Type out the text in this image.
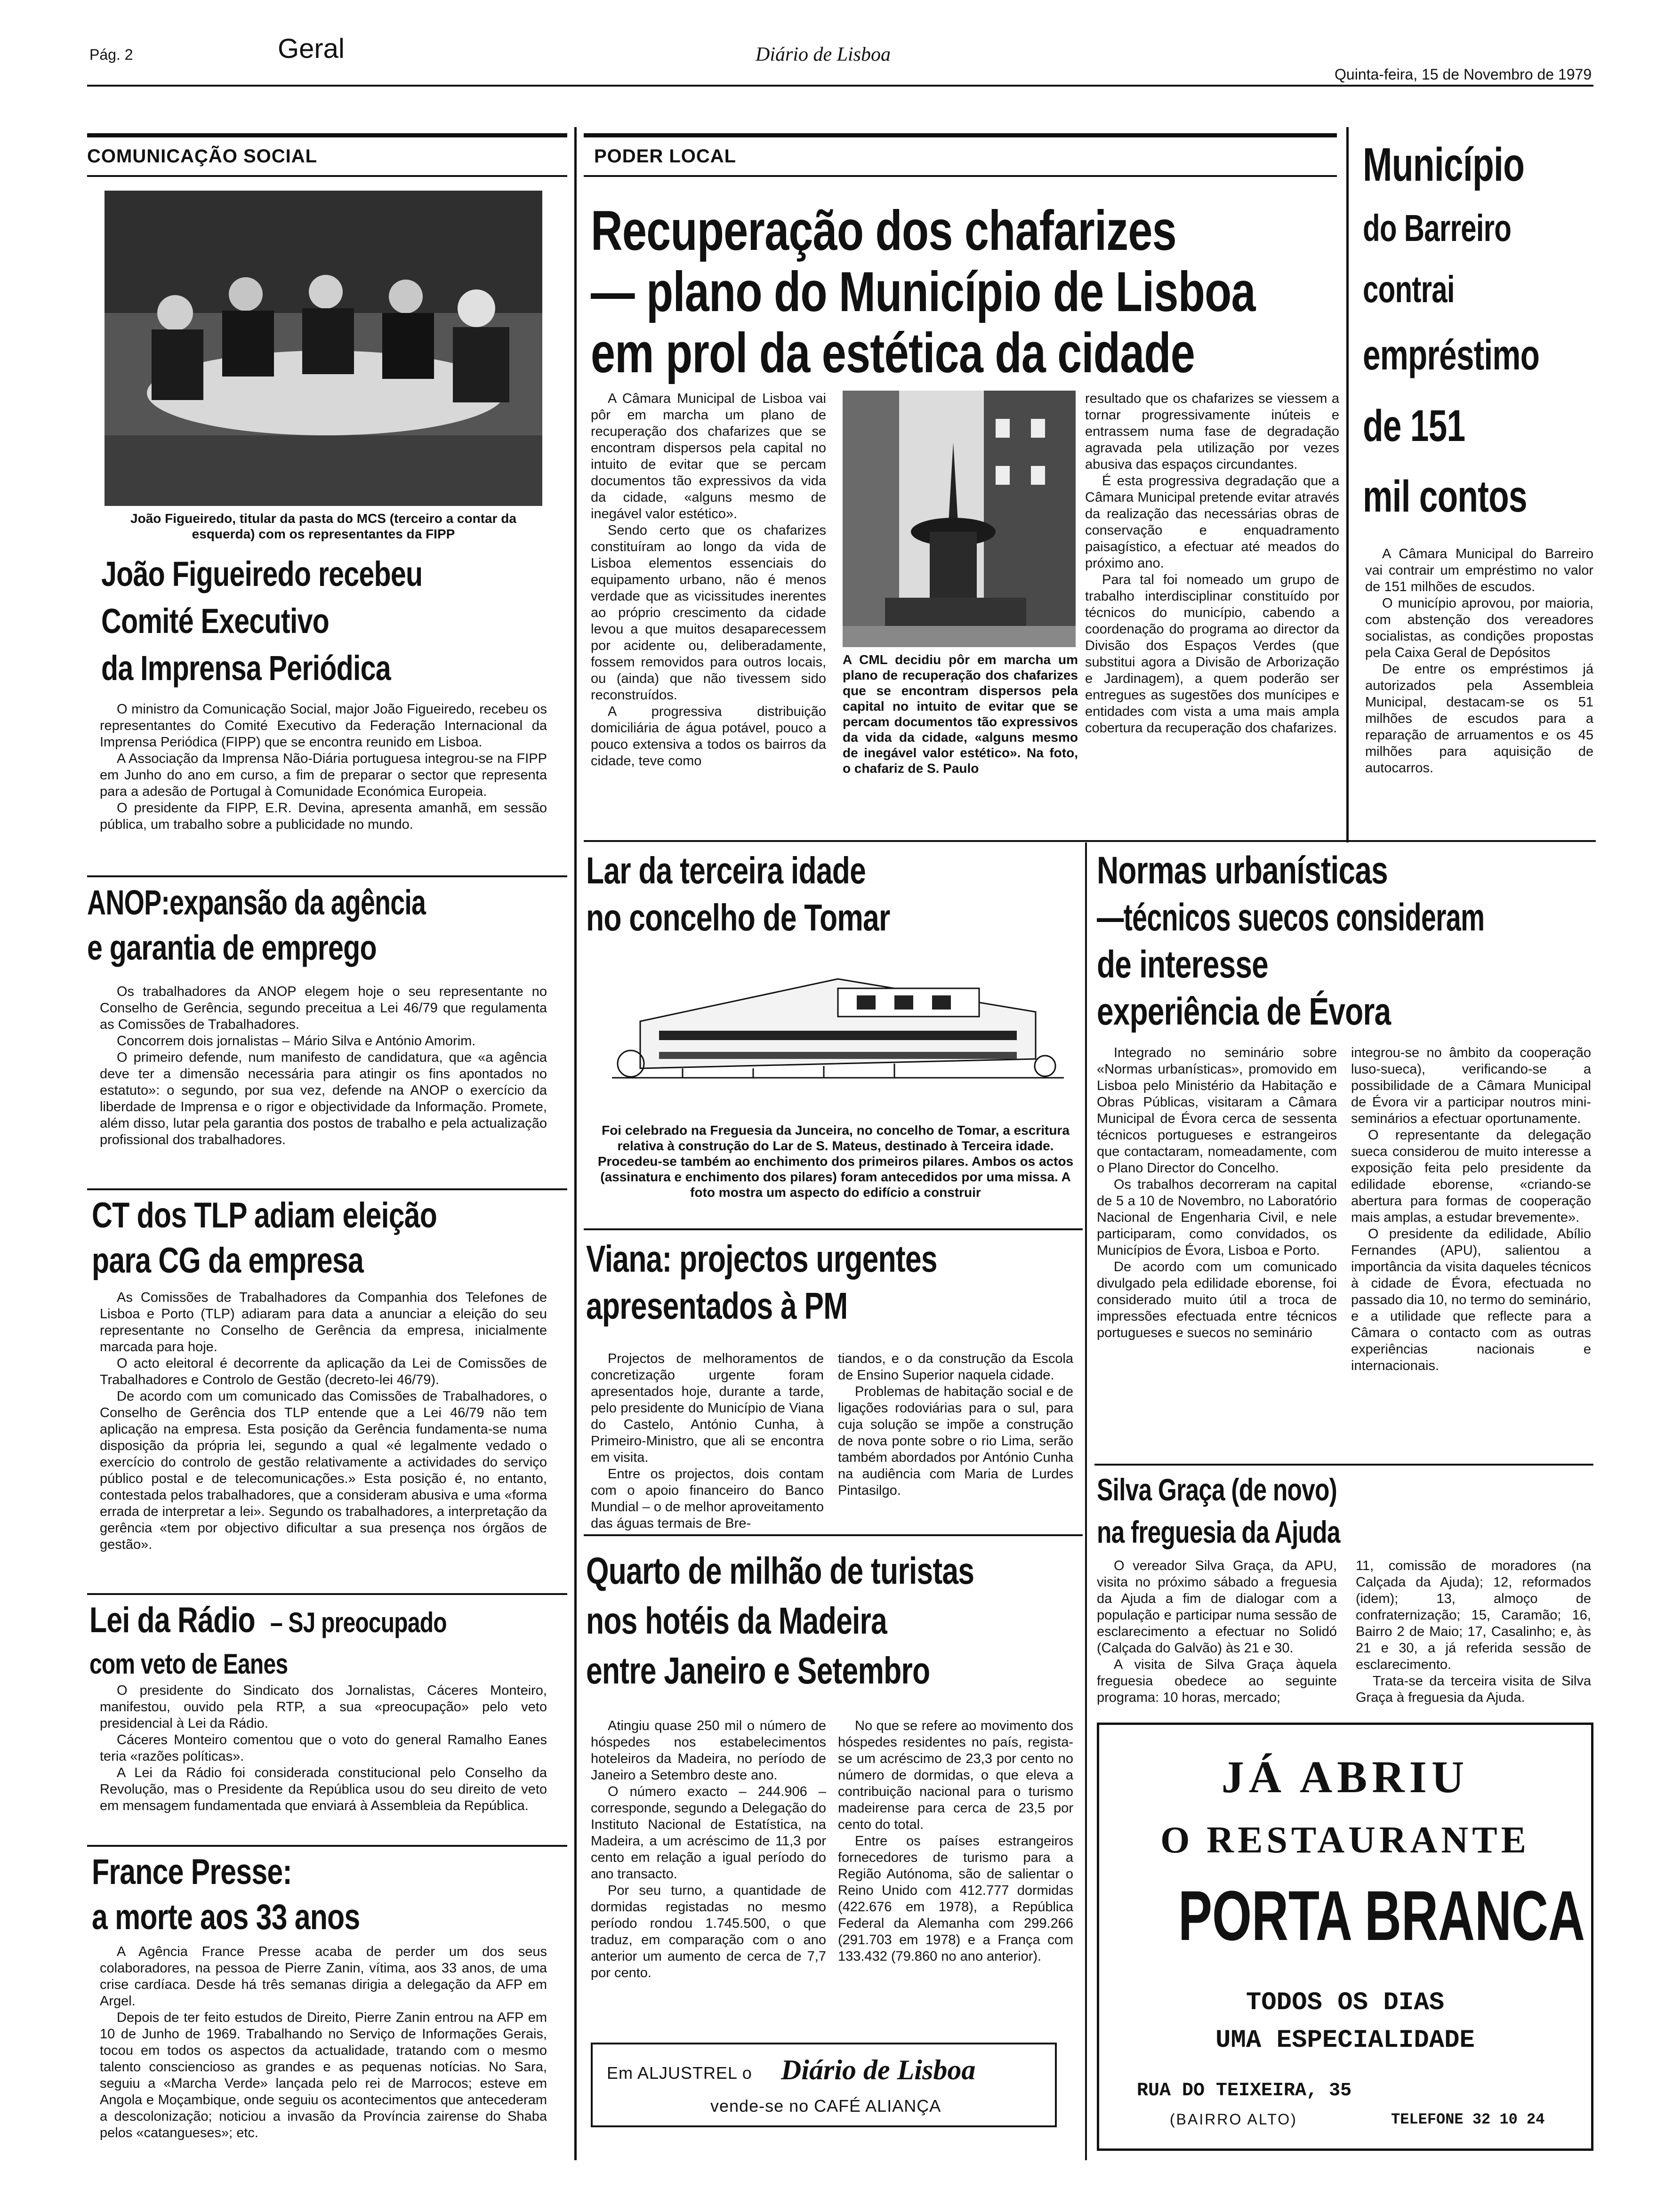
Pág. 2	Geral	Diário de Lisboa
Quinta-feira, 15 de Novembro de 1979
COMUNICAÇÃO SOCIAL
João Figueiredo, titular da pasta do MCS (terceiro a contar da esquerda) com os representantes da FIPP
João Figueiredo recebeu
Comité Executivo
da Imprensa Periódica

O ministro da Comunicação Social, major João Figueiredo, recebeu os representantes do Comité Executivo da Federação Internacional da Imprensa Periódica (FIPP) que se encontra reunido em Lisboa.

A Associação da Imprensa Não-Diária portuguesa integrou-se na FIPP em Junho do ano em curso, a fim de preparar o sector que representa para a adesão de Portugal à Comunidade Económica Europeia.

O presidente da FIPP, E.R. Devina, apresenta amanhã, em sessão pública, um trabalho sobre a publicidade no mundo.

ANOP:expansão da agência
e garantia de emprego

Os trabalhadores da ANOP elegem hoje o seu representante no Conselho de Gerência, segundo preceitua a Lei 46/79 que regulamenta as Comissões de Trabalhadores.

Concorrem dois jornalistas – Mário Silva e António Amorim.

O primeiro defende, num manifesto de candidatura, que «a agência deve ter a dimensão necessária para atingir os fins apontados no estatuto»: o segundo, por sua vez, defende na ANOP o exercício da liberdade de Imprensa e o rigor e objectividade da Informação. Promete, além disso, lutar pela garantia dos postos de trabalho e pela actualização profissional dos trabalhadores.

CT dos TLP adiam eleição
para CG da empresa

As Comissões de Trabalhadores da Companhia dos Telefones de Lisboa e Porto (TLP) adiaram para data a anunciar a eleição do seu representante no Conselho de Gerência da empresa, inicialmente marcada para hoje.

O acto eleitoral é decorrente da aplicação da Lei de Comissões de Trabalhadores e Controlo de Gestão (decreto-lei 46/79).

De acordo com um comunicado das Comissões de Trabalhadores, o Conselho de Gerência dos TLP entende que a Lei 46/79 não tem aplicação na empresa. Esta posição da Gerência fundamenta-se numa disposição da própria lei, segundo a qual «é legalmente vedado o exercício do controlo de gestão relativamente a actividades do serviço público postal e de telecomunicações.» Esta posição é, no entanto, contestada pelos trabalhadores, que a consideram abusiva e uma «forma errada de interpretar a lei». Segundo os trabalhadores, a interpretação da gerência «tem por objectivo dificultar a sua presença nos órgãos de gestão».

Lei da Rádio – SJ preocupado
com veto de Eanes

O presidente do Sindicato dos Jornalistas, Cáceres Monteiro, manifestou, ouvido pela RTP, a sua «preocupação» pelo veto presidencial à Lei da Rádio.

Cáceres Monteiro comentou que o voto do general Ramalho Eanes teria «razões políticas».

A Lei da Rádio foi considerada constitucional pelo Conselho da Revolução, mas o Presidente da República usou do seu direito de veto em mensagem fundamentada que enviará à Assembleia da República.

France Presse:
a morte aos 33 anos

A Agência France Presse acaba de perder um dos seus colaboradores, na pessoa de Pierre Zanin, vítima, aos 33 anos, de uma crise cardíaca. Desde há três semanas dirigia a delegação da AFP em Argel.

Depois de ter feito estudos de Direito, Pierre Zanin entrou na AFP em 10 de Junho de 1969. Trabalhando no Serviço de Informações Gerais, tocou em todos os aspectos da actualidade, tratando com o mesmo talento consciencioso as grandes e as pequenas notícias. No Sara, seguiu a «Marcha Verde» lançada pelo rei de Marrocos; esteve em Angola e Moçambique, onde seguiu os acontecimentos que antecederam a descolonização; noticiou a invasão da Província zairense do Shaba pelos «catangueses»; etc.

PODER LOCAL
Recuperação dos chafarizes
— plano do Município de Lisboa
em prol da estética da cidade

A Câmara Municipal de Lisboa vai pôr em marcha um plano de recuperação dos chafarizes que se encontram dispersos pela capital no intuito de evitar que se percam documentos tão expressivos da vida da cidade, «alguns mesmo de inegável valor estético».

Sendo certo que os chafarizes constituíram ao longo da vida de Lisboa elementos essenciais do equipamento urbano, não é menos verdade que as vicissitudes inerentes ao próprio crescimento da cidade levou a que muitos desaparecessem por acidente ou, deliberadamente, fossem removidos para outros locais, ou (ainda) que não tivessem sido reconstruídos.

A progressiva distribuição domiciliária de água potável, pouco a pouco extensiva a todos os bairros da cidade, teve como

A CML decidiu pôr em marcha um plano de recuperação dos chafarizes que se encontram dispersos pela capital no intuito de evitar que se percam documentos tão expressivos da vida da cidade, «alguns mesmo de inegável valor estético». Na foto, o chafariz de S. Paulo

resultado que os chafarizes se viessem a tornar progressivamente inúteis e entrassem numa fase de degradação agravada pela utilização por vezes abusiva das espaços circundantes.

É esta progressiva degradação que a Câmara Municipal pretende evitar através da realização das necessárias obras de conservação e enquadramento paisagístico, a efectuar até meados do próximo ano.

Para tal foi nomeado um grupo de trabalho interdisciplinar constituído por técnicos do município, cabendo a coordenação do programa ao director da Divisão dos Espaços Verdes (que substitui agora a Divisão de Arborização e Jardinagem), a quem poderão ser entregues as sugestões dos munícipes e entidades com vista a uma mais ampla cobertura da recuperação dos chafarizes.

Município
do Barreiro
contrai
empréstimo
de 151
mil contos

A Câmara Municipal do Barreiro vai contrair um empréstimo no valor de 151 milhões de escudos.

O município aprovou, por maioria, com abstenção dos vereadores socialistas, as condições propostas pela Caixa Geral de Depósitos

De entre os empréstimos já autorizados pela Assembleia Municipal, destacam-se os 51 milhões de escudos para a reparação de arruamentos e os 45 milhões para aquisição de autocarros.

Lar da terceira idade
no concelho de Tomar
Foi celebrado na Freguesia da Junceira, no concelho de Tomar, a escritura relativa à construção do Lar de S. Mateus, destinado à Terceira idade. Procedeu-se também ao enchimento dos primeiros pilares. Ambos os actos (assinatura e enchimento dos pilares) foram antecedidos por uma missa. A foto mostra um aspecto do edifício a construir
Viana: projectos urgentes
apresentados à PM

Projectos de melhoramentos de concretização urgente foram apresentados hoje, durante a tarde, pelo presidente do Município de Viana do Castelo, António Cunha, à Primeiro-Ministro, que ali se encontra em visita.

Entre os projectos, dois contam com o apoio financeiro do Banco Mundial – o de melhor aproveitamento das águas termais de Bre-

tiandos, e o da construção da Escola de Ensino Superior naquela cidade.

Problemas de habitação social e de ligações rodoviárias para o sul, para cuja solução se impõe a construção de nova ponte sobre o rio Lima, serão também abordados por António Cunha na audiência com Maria de Lurdes Pintasilgo.

Quarto de milhão de turistas
nos hotéis da Madeira
entre Janeiro e Setembro

Atingiu quase 250 mil o número de hóspedes nos estabelecimentos hoteleiros da Madeira, no período de Janeiro a Setembro deste ano.

O número exacto – 244.906 – corresponde, segundo a Delegação do Instituto Nacional de Estatística, na Madeira, a um acréscimo de 11,3 por cento em relação a igual período do ano transacto.

Por seu turno, a quantidade de dormidas registadas no mesmo período rondou 1.745.500, o que traduz, em comparação com o ano anterior um aumento de cerca de 7,7 por cento.

No que se refere ao movimento dos hóspedes residentes no país, regista-se um acréscimo de 23,3 por cento no número de dormidas, o que eleva a contribuição nacional para o turismo madeirense para cerca de 23,5 por cento do total.

Entre os países estrangeiros fornecedores de turismo para a Região Autónoma, são de salientar o Reino Unido com 412.777 dormidas (422.676 em 1978), a República Federal da Alemanha com 299.266 (291.703 em 1978) e a França com 133.432 (79.860 no ano anterior).

Em ALJUSTREL o Diário de Lisboa
vende-se no CAFÉ ALIANÇA
Normas urbanísticas
—técnicos suecos consideram
de interesse
experiência de Évora

Integrado no seminário sobre «Normas urbanísticas», promovido em Lisboa pelo Ministério da Habitação e Obras Públicas, visitaram a Câmara Municipal de Évora cerca de sessenta técnicos portugueses e estrangeiros que contactaram, nomeadamente, com o Plano Director do Concelho.

Os trabalhos decorreram na capital de 5 a 10 de Novembro, no Laboratório Nacional de Engenharia Civil, e nele participaram, como convidados, os Municípios de Évora, Lisboa e Porto.

De acordo com um comunicado divulgado pela edilidade eborense, foi considerado muito útil a troca de impressões efectuada entre técnicos portugueses e suecos no seminário

integrou-se no âmbito da cooperação luso-sueca), verificando-se a possibilidade de a Câmara Municipal de Évora vir a participar noutros mini-seminários a efectuar oportunamente.

O representante da delegação sueca considerou de muito interesse a exposição feita pelo presidente da edilidade eborense, «criando-se abertura para formas de cooperação mais amplas, a estudar brevemente».

O presidente da edilidade, Abílio Fernandes (APU), salientou a importância da visita daqueles técnicos à cidade de Évora, efectuada no passado dia 10, no termo do seminário, e a utilidade que reflecte para a Câmara o contacto com as outras experiências nacionais e internacionais.

Silva Graça (de novo)
na freguesia da Ajuda

O vereador Silva Graça, da APU, visita no próximo sábado a freguesia da Ajuda a fim de dialogar com a população e participar numa sessão de esclarecimento a efectuar no Solidó (Calçada do Galvão) às 21 e 30.

A visita de Silva Graça àquela freguesia obedece ao seguinte programa: 10 horas, mercado;

11, comissão de moradores (na Calçada da Ajuda); 12, reformados (idem); 13, almoço de confraternização; 15, Caramão; 16, Bairro 2 de Maio; 17, Casalinho; e, às 21 e 30, a já referida sessão de esclarecimento.

Trata-se da terceira visita de Silva Graça à freguesia da Ajuda.

JÁ ABRIU
O RESTAURANTE
PORTA BRANCA
TODOS OS DIAS
UMA ESPECIALIDADE
RUA DO TEIXEIRA, 35
(BAIRRO ALTO)	TELEFONE 32 10 24
